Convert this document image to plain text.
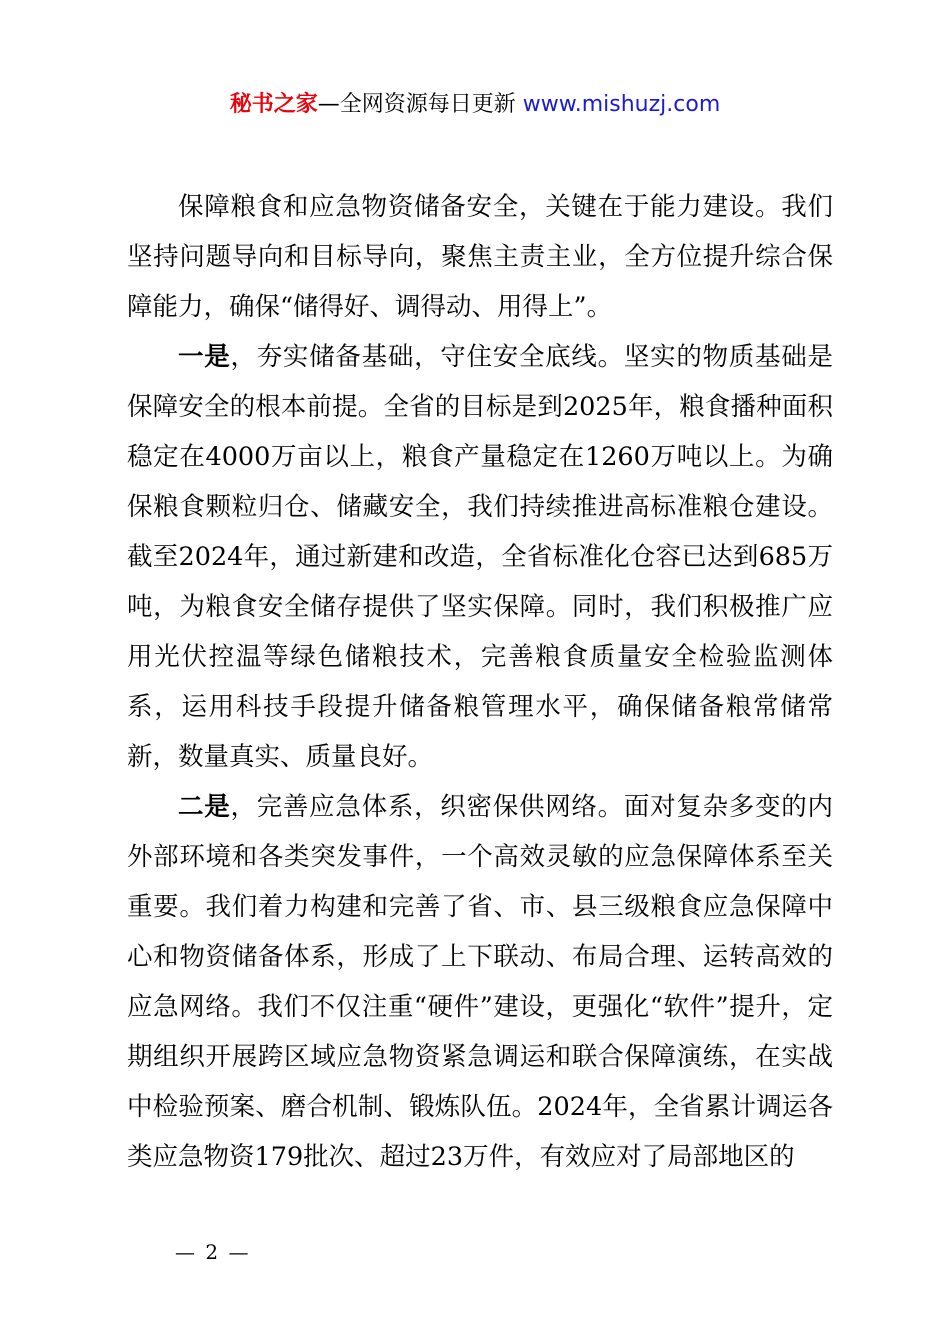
秘书之家—全网资源每日更新 www.mishuzj.com

保障粮食和应急物资储备安全，关键在于能力建设。我们坚持问题导向和目标导向，聚焦主责主业，全方位提升综合保障能力，确保“储得好、调得动、用得上”。

一是，夯实储备基础，守住安全底线。坚实的物质基础是保障安全的根本前提。全省的目标是到2025年，粮食播种面积稳定在4000万亩以上，粮食产量稳定在1260万吨以上。为确保粮食颗粒归仓、储藏安全，我们持续推进高标准粮仓建设。截至2024年，通过新建和改造，全省标准化仓容已达到685万吨，为粮食安全储存提供了坚实保障。同时，我们积极推广应用光伏控温等绿色储粮技术，完善粮食质量安全检验监测体系，运用科技手段提升储备粮管理水平，确保储备粮常储常新，数量真实、质量良好。

二是，完善应急体系，织密保供网络。面对复杂多变的内外部环境和各类突发事件，一个高效灵敏的应急保障体系至关重要。我们着力构建和完善了省、市、县三级粮食应急保障中心和物资储备体系，形成了上下联动、布局合理、运转高效的应急网络。我们不仅注重“硬件”建设，更强化“软件”提升，定期组织开展跨区域应急物资紧急调运和联合保障演练，在实战中检验预案、磨合机制、锻炼队伍。2024年，全省累计调运各类应急物资179批次、超过23万件，有效应对了局部地区的

— 2 —
